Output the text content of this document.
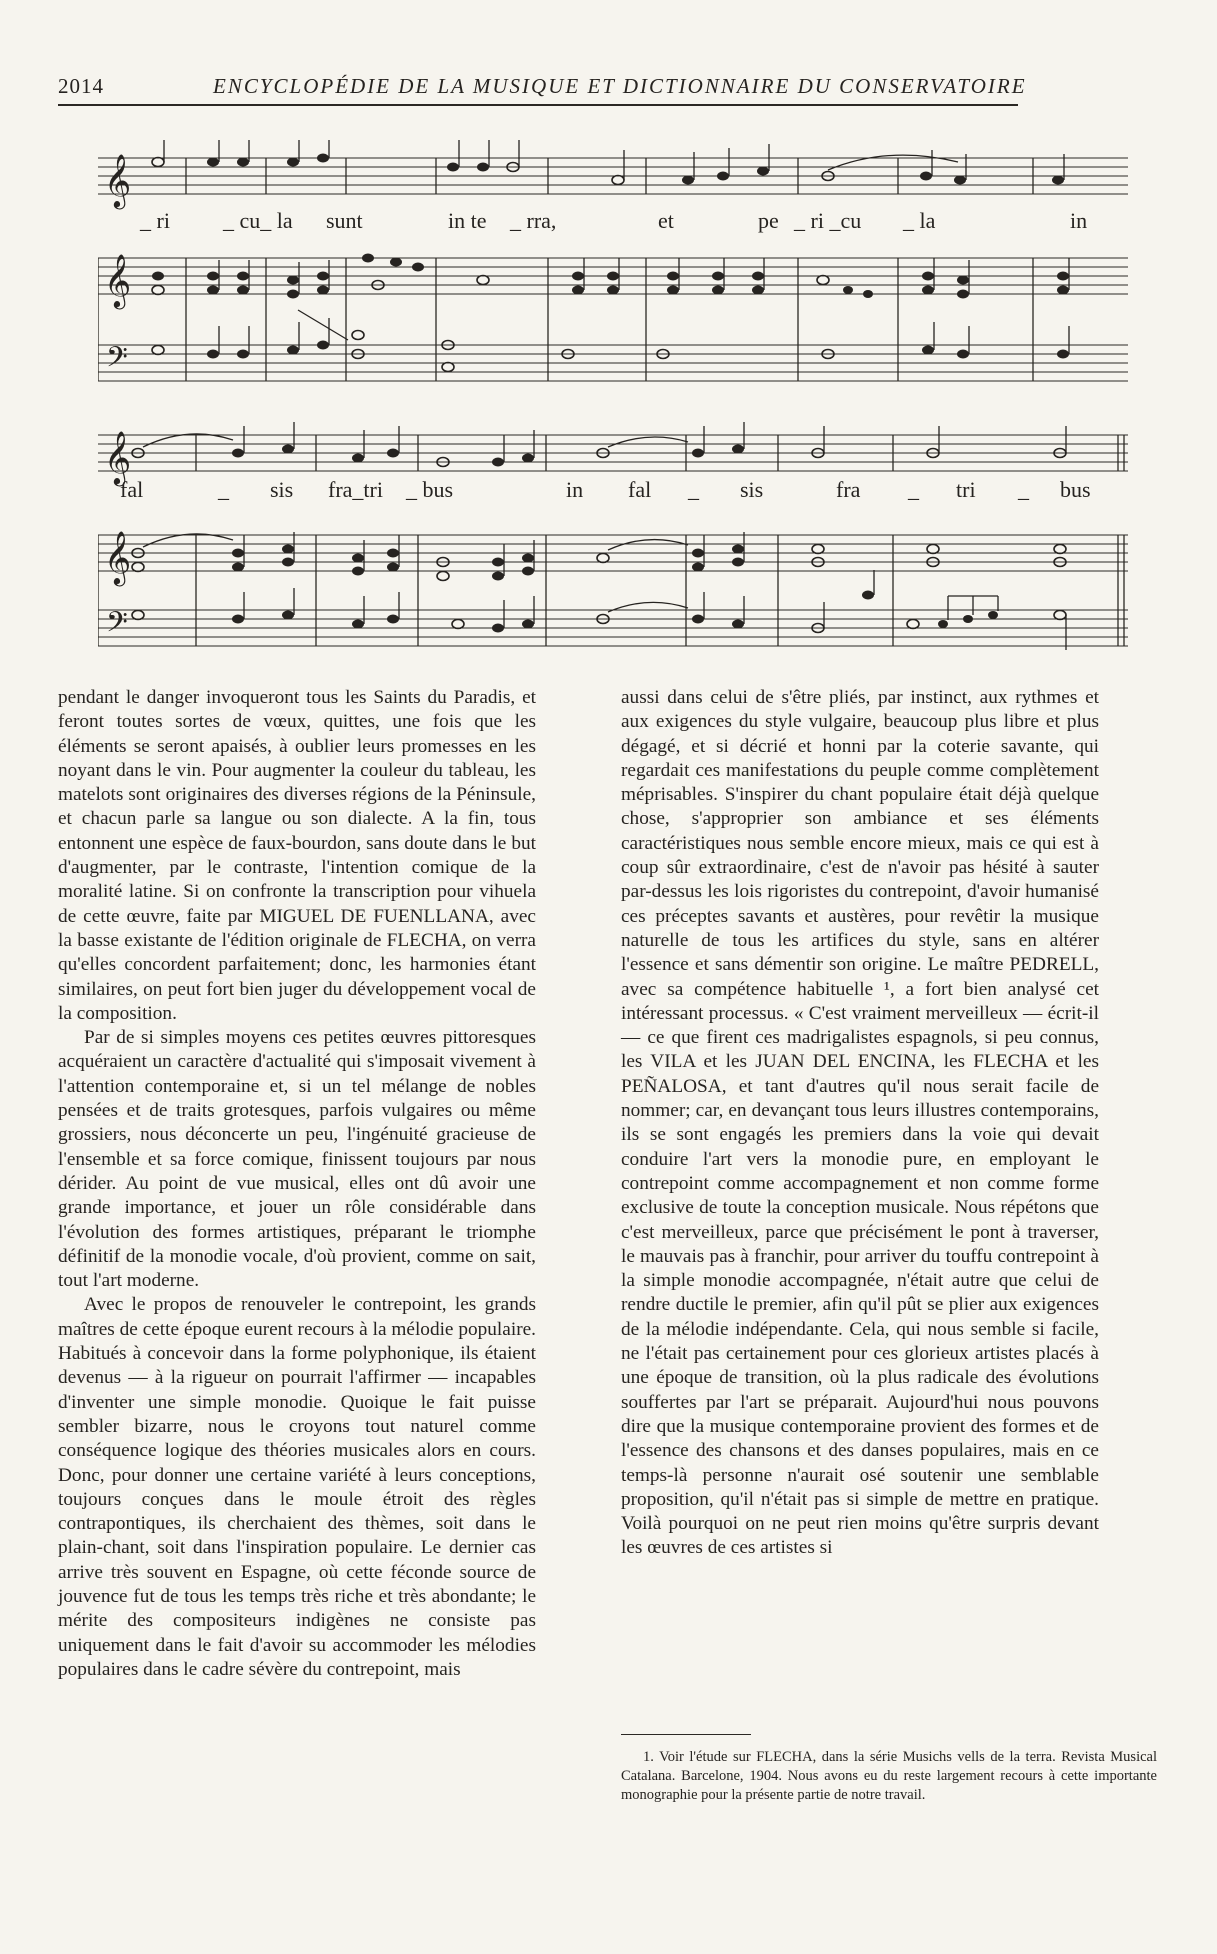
2014	ENCYCLOPÉDIE DE LA MUSIQUE ET DICTIONNAIRE DU CONSERVATOIRE
𝄞
𝄞
𝄢
_ ri _ cu_ la sunt	in te _ rra,	et	pe _ ri _cu _ la	in
𝄞
𝄞
𝄢
fal	_ sis fra_tri _ bus	in fal _ sis	fra _ tri _ bus

pendant le danger invoqueront tous les Saints du Paradis, et feront toutes sortes de vœux, quittes, une fois que les éléments se seront apaisés, à oublier leurs promesses en les noyant dans le vin. Pour augmenter la couleur du tableau, les matelots sont originaires des diverses régions de la Péninsule, et chacun parle sa langue ou son dialecte. A la fin, tous entonnent une espèce de faux-bourdon, sans doute dans le but d'augmenter, par le contraste, l'intention comique de la moralité latine. Si on confronte la transcription pour vihuela de cette œuvre, faite par MIGUEL DE FUENLLANA, avec la basse existante de l'édition originale de FLECHA, on verra qu'elles concordent parfaitement; donc, les harmonies étant similaires, on peut fort bien juger du développement vocal de la composition.

Par de si simples moyens ces petites œuvres pittoresques acquéraient un caractère d'actualité qui s'imposait vivement à l'attention contemporaine et, si un tel mélange de nobles pensées et de traits grotesques, parfois vulgaires ou même grossiers, nous déconcerte un peu, l'ingénuité gracieuse de l'ensemble et sa force comique, finissent toujours par nous dérider. Au point de vue musical, elles ont dû avoir une grande importance, et jouer un rôle considérable dans l'évolution des formes artistiques, préparant le triomphe définitif de la monodie vocale, d'où provient, comme on sait, tout l'art moderne.

Avec le propos de renouveler le contrepoint, les grands maîtres de cette époque eurent recours à la mélodie populaire. Habitués à concevoir dans la forme polyphonique, ils étaient devenus — à la rigueur on pourrait l'affirmer — incapables d'inventer une simple monodie. Quoique le fait puisse sembler bizarre, nous le croyons tout naturel comme conséquence logique des théories musicales alors en cours. Donc, pour donner une certaine variété à leurs conceptions, toujours conçues dans le moule étroit des règles contrapontiques, ils cherchaient des thèmes, soit dans le plain-chant, soit dans l'inspiration populaire. Le dernier cas arrive très souvent en Espagne, où cette féconde source de jouvence fut de tous les temps très riche et très abondante; le mérite des compositeurs indigènes ne consiste pas uniquement dans le fait d'avoir su accommoder les mélodies populaires dans le cadre sévère du contrepoint, mais

aussi dans celui de s'être pliés, par instinct, aux rythmes et aux exigences du style vulgaire, beaucoup plus libre et plus dégagé, et si décrié et honni par la coterie savante, qui regardait ces manifestations du peuple comme complètement méprisables. S'inspirer du chant populaire était déjà quelque chose, s'approprier son ambiance et ses éléments caractéristiques nous semble encore mieux, mais ce qui est à coup sûr extraordinaire, c'est de n'avoir pas hésité à sauter par-dessus les lois rigoristes du contrepoint, d'avoir humanisé ces préceptes savants et austères, pour revêtir la musique naturelle de tous les artifices du style, sans en altérer l'essence et sans démentir son origine. Le maître PEDRELL, avec sa compétence habituelle ¹, a fort bien analysé cet intéressant processus. « C'est vraiment merveilleux — écrit-il — ce que firent ces madrigalistes espagnols, si peu connus, les VILA et les JUAN DEL ENCINA, les FLECHA et les PEÑALOSA, et tant d'autres qu'il nous serait facile de nommer; car, en devançant tous leurs illustres contemporains, ils se sont engagés les premiers dans la voie qui devait conduire l'art vers la monodie pure, en employant le contrepoint comme accompagnement et non comme forme exclusive de toute la conception musicale. Nous répétons que c'est merveilleux, parce que précisément le pont à traverser, le mauvais pas à franchir, pour arriver du touffu contrepoint à la simple monodie accompagnée, n'était autre que celui de rendre ductile le premier, afin qu'il pût se plier aux exigences de la mélodie indépendante. Cela, qui nous semble si facile, ne l'était pas certainement pour ces glorieux artistes placés à une époque de transition, où la plus radicale des évolutions souffertes par l'art se préparait. Aujourd'hui nous pouvons dire que la musique contemporaine provient des formes et de l'essence des chansons et des danses populaires, mais en ce temps-là personne n'aurait osé soutenir une semblable proposition, qu'il n'était pas si simple de mettre en pratique. Voilà pourquoi on ne peut rien moins qu'être surpris devant les œuvres de ces artistes si

1. Voir l'étude sur FLECHA, dans la série Musichs vells de la terra. Revista Musical Catalana. Barcelone, 1904. Nous avons eu du reste largement recours à cette importante monographie pour la présente partie de notre travail.
